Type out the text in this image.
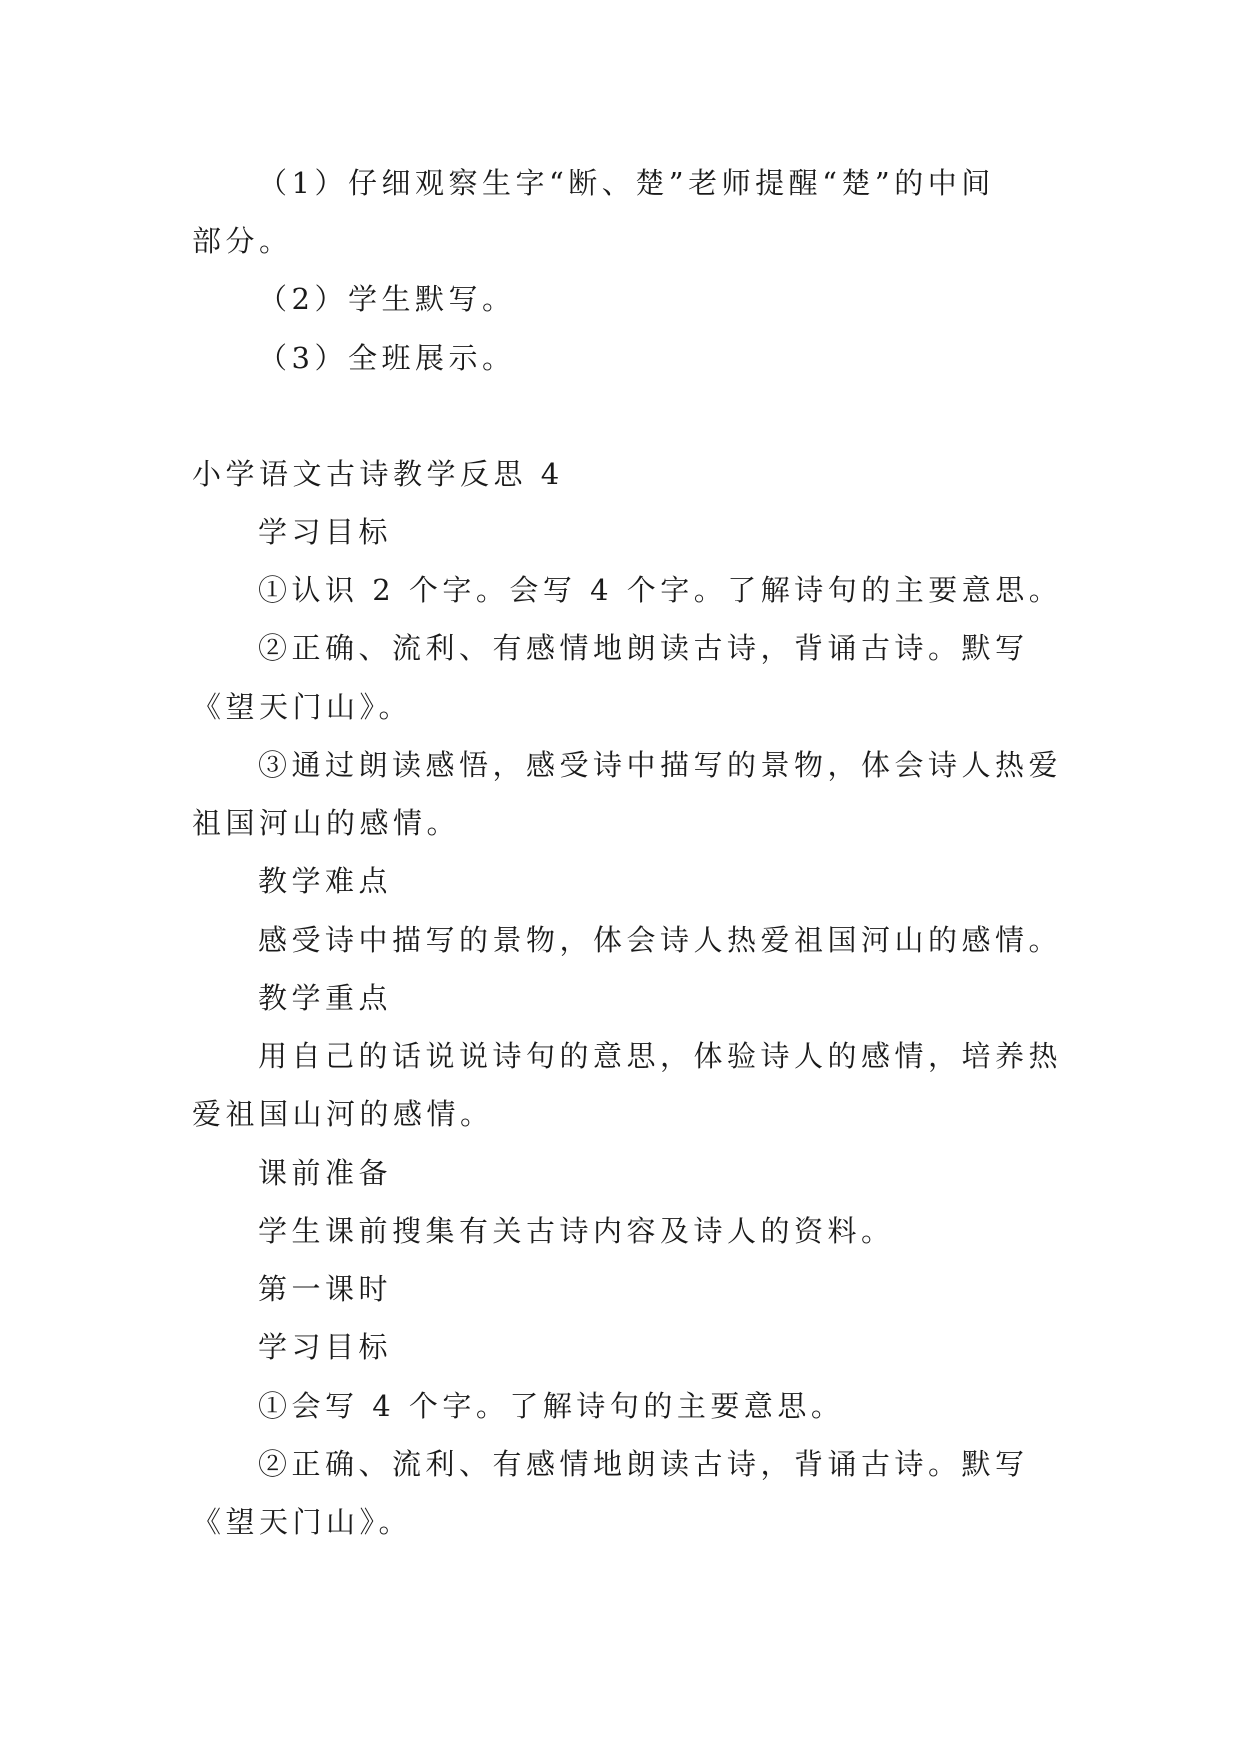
（1）仔细观察生字“断、楚”老师提醒“楚”的中间
部分。
（2）学生默写。
（3）全班展示。
小学语文古诗教学反思 4
学习目标
①认识 2 个字。会写 4 个字。了解诗句的主要意思。
②正确、流利、有感情地朗读古诗，背诵古诗。默写
《望天门山》。
③通过朗读感悟，感受诗中描写的景物，体会诗人热爱
祖国河山的感情。
教学难点
感受诗中描写的景物，体会诗人热爱祖国河山的感情。
教学重点
用自己的话说说诗句的意思，体验诗人的感情，培养热
爱祖国山河的感情。
课前准备
学生课前搜集有关古诗内容及诗人的资料。
第一课时
学习目标
①会写 4 个字。了解诗句的主要意思。
②正确、流利、有感情地朗读古诗，背诵古诗。默写
《望天门山》。
